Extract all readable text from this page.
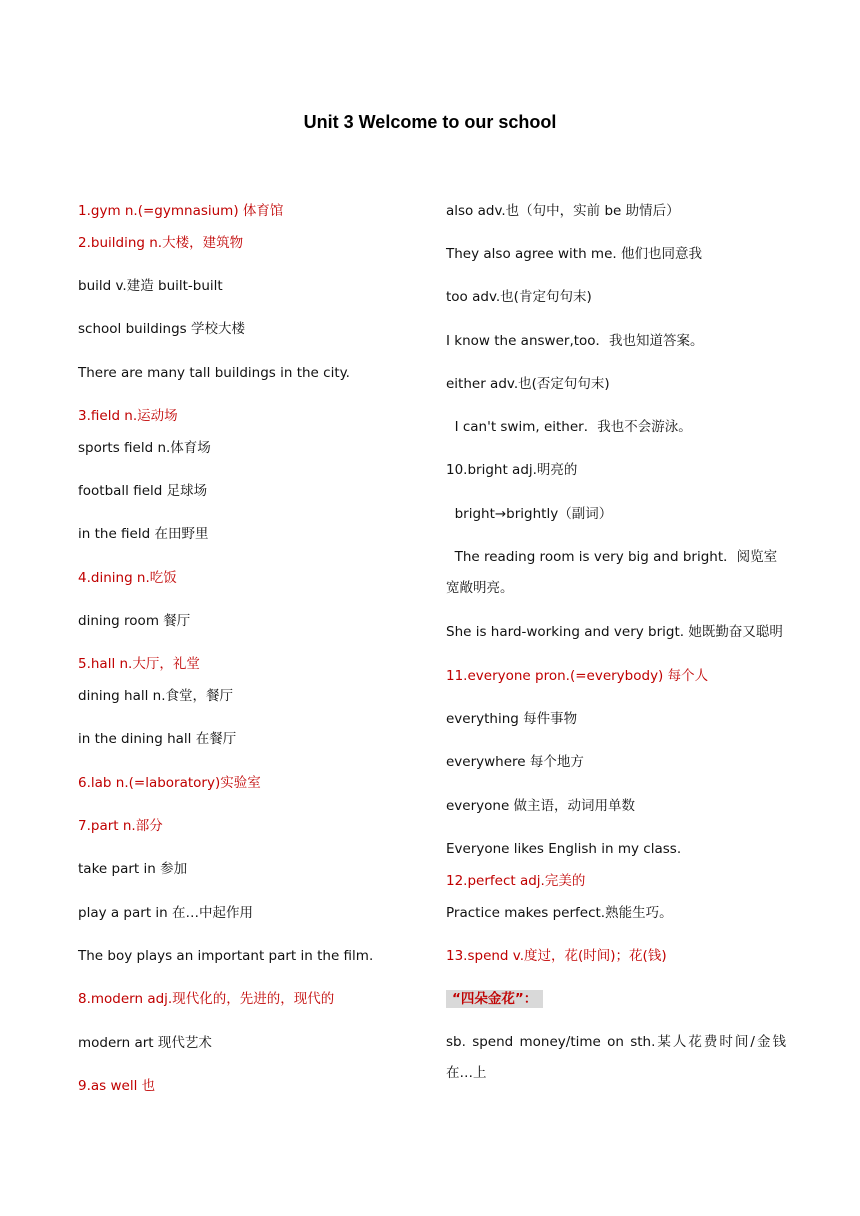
Unit 3 Welcome to our school
1.gym n.(=gymnasium) 体育馆
2.building n.大楼，建筑物
build v.建造 built-built
school buildings 学校大楼
There are many tall buildings in the city.
3.field n.运动场
sports field n.体育场
football field 足球场
in the field 在田野里
4.dining n.吃饭
dining room 餐厅
5.hall n.大厅，礼堂
dining hall n.食堂，餐厅
in the dining hall 在餐厅
6.lab n.(=laboratory)实验室
7.part n.部分
take part in 参加
play a part in 在…中起作用
The boy plays an important part in the film.
8.modern adj.现代化的，先进的，现代的
modern art 现代艺术
9.as well 也
also adv.也（句中，实前 be 助情后）
They also agree with me. 他们也同意我
too adv.也(肯定句句末)
I know the answer,too．我也知道答案。
either adv.也(否定句句末)
I can't swim, either．我也不会游泳。
10.bright adj.明亮的
bright→brightly（副词）
The reading room is very big and bright．阅览室宽敞明亮。
She is hard-working and very brigt. 她既勤奋又聪明
11.everyone pron.(=everybody) 每个人
everything 每件事物
everywhere 每个地方
everyone 做主语，动词用单数
Everyone likes English in my class.
12.perfect adj.完美的
Practice makes perfect.熟能生巧。
13.spend v.度过，花(时间)；花(钱)
“四朵金花”：
sb. spend money/time on sth.某人花费时间/金钱在…上
